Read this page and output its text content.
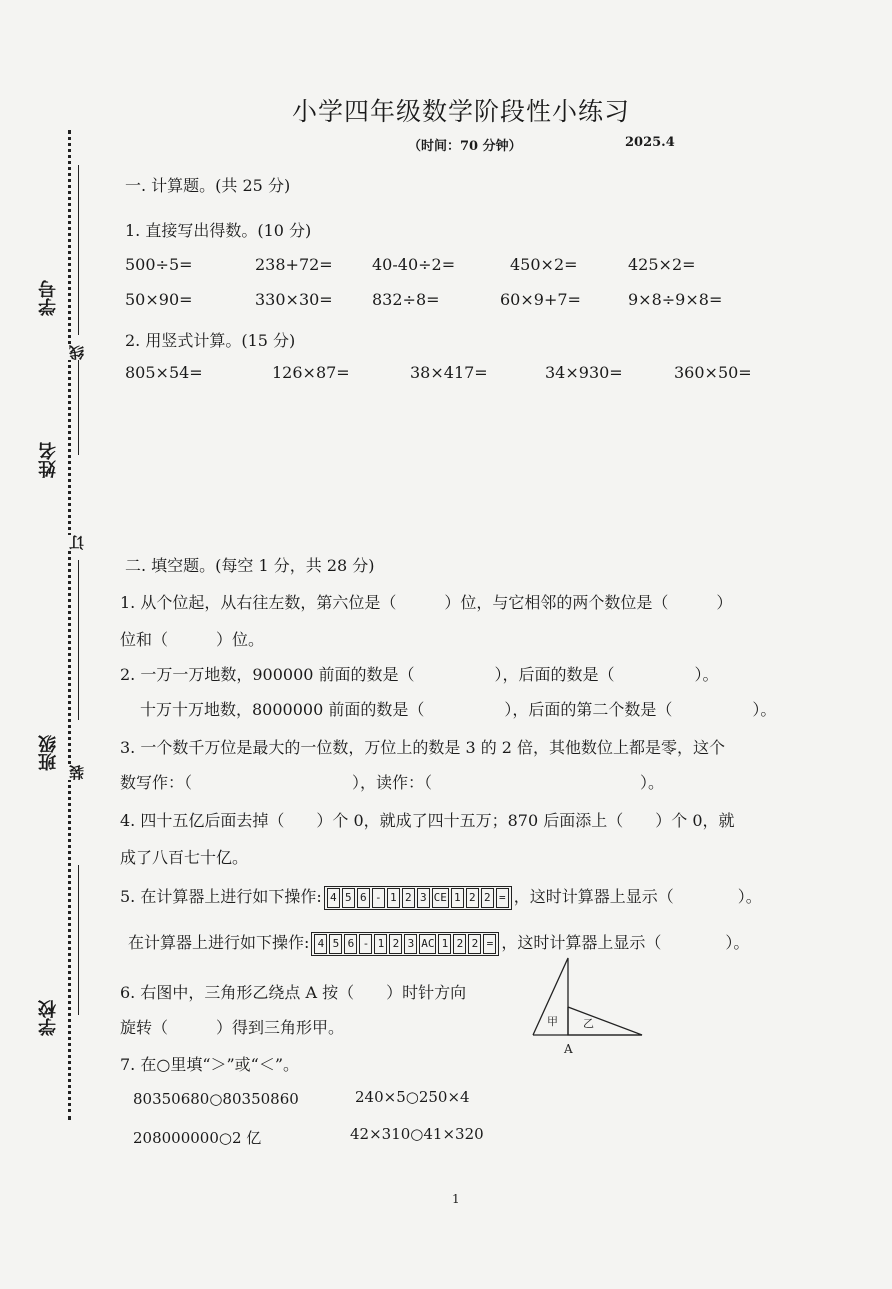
学号
姓名
班级
学校
线
订
装
小学四年级数学阶段性小练习
（时间：70 分钟）	2025.4
一. 计算题。(共 25 分)
1. 直接写出得数。(10 分)
500÷5=	238+72= 40-40÷2=	450×2=	425×2=
50×90=	330×30= 832÷8=	60×9+7=	9×8÷9×8=
2. 用竖式计算。(15 分)
805×54=	126×87=	38×417=	34×930=	360×50=
二. 填空题。(每空 1 分，共 28 分)
1. 从个位起，从右往左数，第六位是（　　　）位，与它相邻的两个数位是（　　　）
位和（　　　）位。
2. 一万一万地数，900000 前面的数是（　　　　　），后面的数是（　　　　　）。
十万十万地数，8000000 前面的数是（　　　　　），后面的第二个数是（　　　　　）。
3. 一个数千万位是最大的一位数，万位上的数是 3 的 2 倍，其他数位上都是零，这个
数写作：（　　　　　　　　　　），读作：（　　　　　　　　　　　　　）。
4. 四十五亿后面去掉（　　）个 0，就成了四十五万；870 后面添上（　　）个 0，就
成了八百七十亿。
5. 在计算器上进行如下操作: 4 5 6 - 1 2 3 CE 1 2 2 = ，这时计算器上显示（　　　　）。
在计算器上进行如下操作: 4 5 6 - 1 2 3 AC 1 2 2 = ，这时计算器上显示（　　　　）。
6. 右图中，三角形乙绕点 A 按（　　）时针方向
旋转（　　　）得到三角形甲。	甲 乙
A
7. 在○里填“＞”或“＜”。
80350680○80350860	240×5○250×4
208000000○2 亿	42×310○41×320
1
